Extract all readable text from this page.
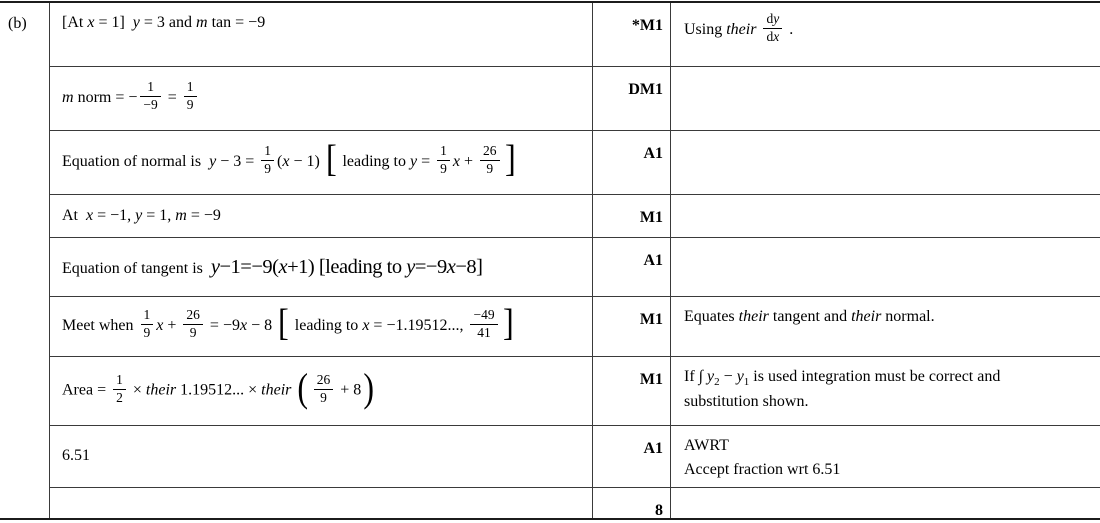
(b)	[At x = 1]  y = 3 and m tan = −9	*M1	Using their $\frac{dy}{dx}$ .
m norm = − $\frac{1}{-9} = \frac{1}{9}$	DM1
Equation of normal is  $y - 3 = \frac{1}{9} (x - 1)$ [ leading to $y = \frac{1}{9}$ $x + \frac{26}{9}$ ]	A1
At  x = −1, y = 1, m = −9	M1
Equation of tangent is  y−1=−9(x+1) [leading to y=−9x−8]	A1
Meet when $\frac{1}{9}$ $x + \frac{26}{9} = -9x - 8$ [ leading to x = −1.19512..., $\frac{-49}{41}$ ]	M1	Equates their tangent and their normal.
Area = $\frac{1}{2}$ × their 1.19512... × their ( $\frac{26}{9} + 8$)	M1	If ∫ $y_2 - y_1$ is used integration must be correct and
substitution shown.
6.51	A1	AWRT
Accept fraction wrt 6.51
8
